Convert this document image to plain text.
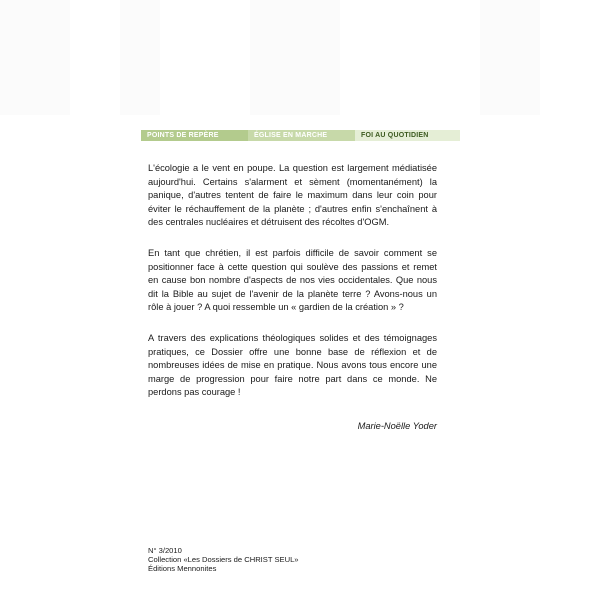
POINTS DE REPÈRE	ÉGLISE EN MARCHE	FOI AU QUOTIDIEN

L'écologie a le vent en poupe. La question est largement médiatisée aujourd'hui. Certains s'alarment et sèment (momentanément) la panique, d'autres tentent de faire le maximum dans leur coin pour éviter le réchauffement de la planète ; d'autres enfin s'enchaînent à des centrales nucléaires et détruisent des récoltes d'OGM.

En tant que chrétien, il est parfois difficile de savoir comment se positionner face à cette question qui soulève des passions et remet en cause bon nombre d'aspects de nos vies occidentales. Que nous dit la Bible au sujet de l'avenir de la planète terre ? Avons-nous un rôle à jouer ? A quoi ressemble un « gardien de la création » ?

A travers des explications théologiques solides et des témoignages pratiques, ce Dossier offre une bonne base de réflexion et de nombreuses idées de mise en pratique. Nous avons tous encore une marge de progression pour faire notre part dans ce monde. Ne perdons pas courage !

Marie-Noëlle Yoder
N° 3/2010
Collection «Les Dossiers de CHRIST SEUL»
Éditions Mennonites
